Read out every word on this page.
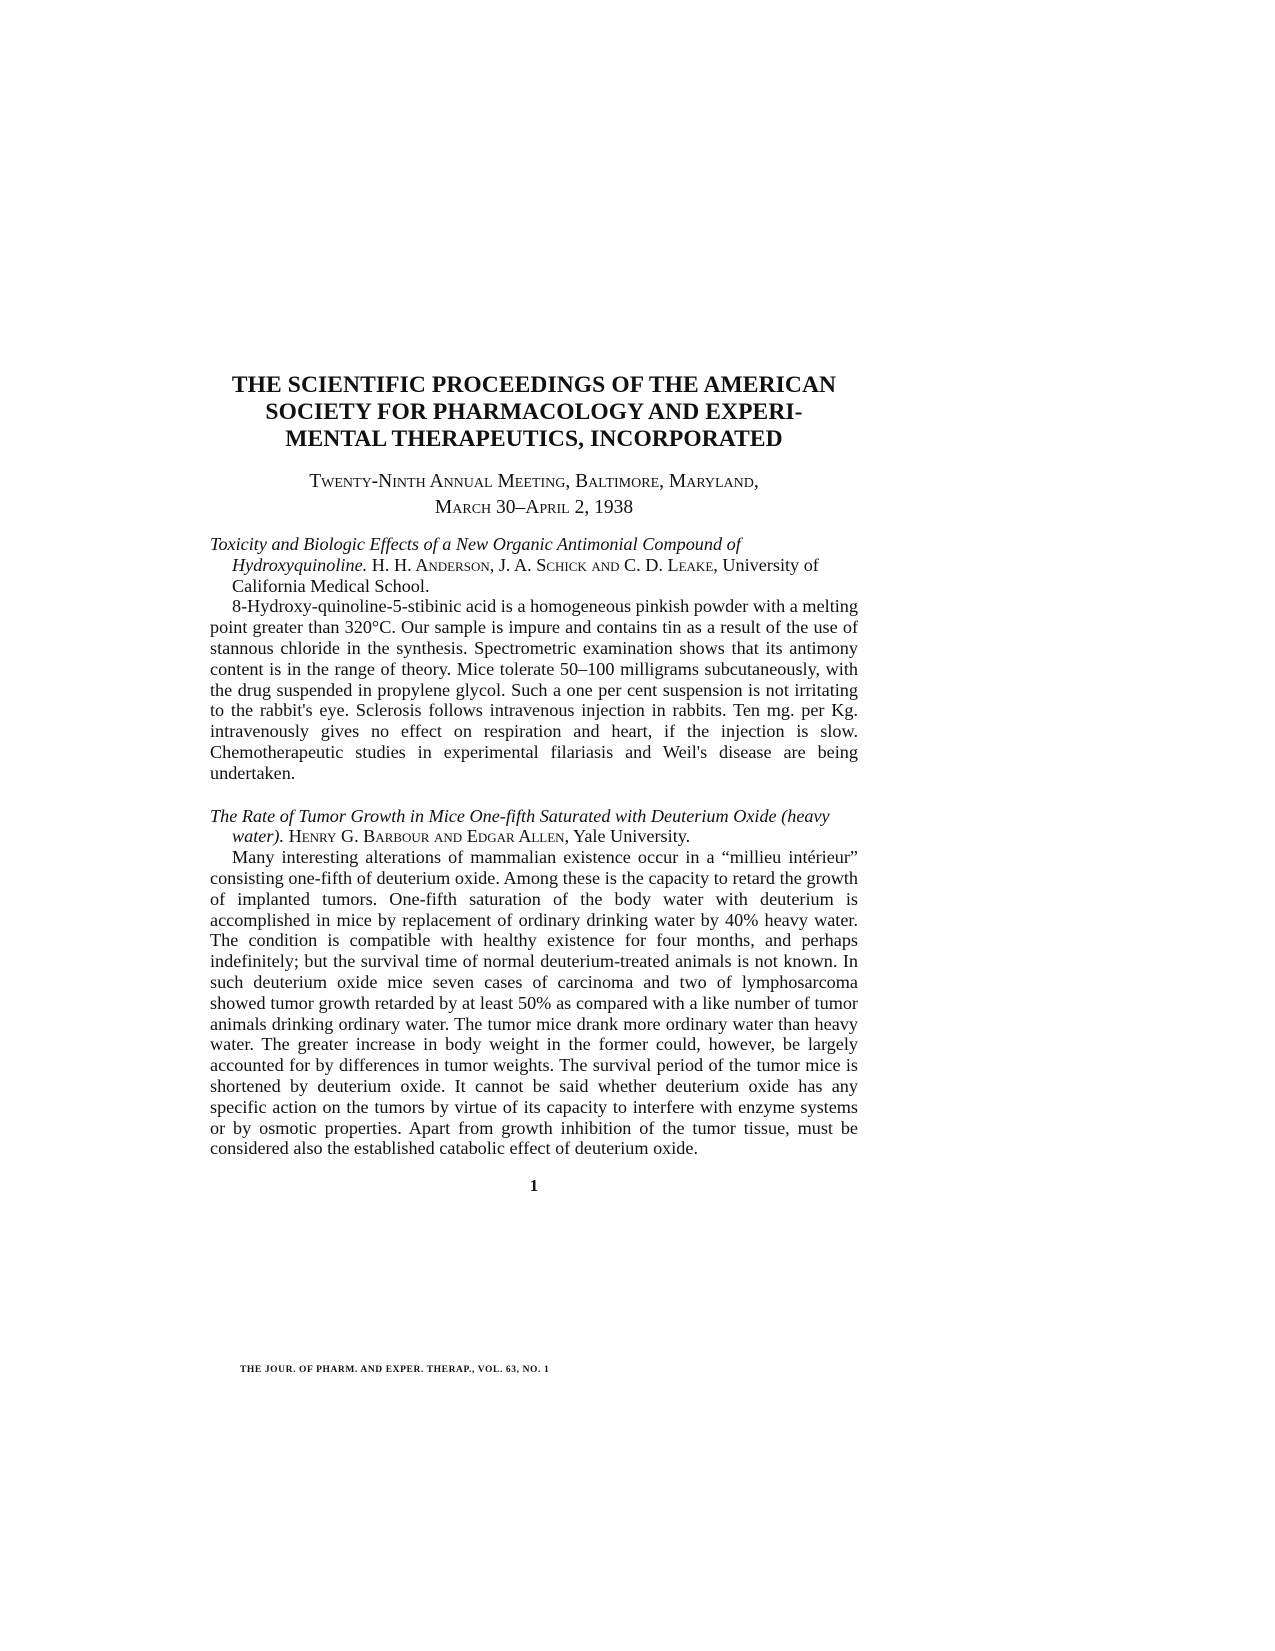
THE SCIENTIFIC PROCEEDINGS OF THE AMERICAN
SOCIETY FOR PHARMACOLOGY AND EXPERI-
MENTAL THERAPEUTICS, INCORPORATED
Twenty-Ninth Annual Meeting, Baltimore, Maryland,
March 30–April 2, 1938

Toxicity and Biologic Effects of a New Organic Antimonial Compound of Hydroxyquinoline. H. H. Anderson, J. A. Schick and C. D. Leake, University of California Medical School.

8-Hydroxy-quinoline-5-stibinic acid is a homogeneous pinkish powder with a melting point greater than 320°C. Our sample is impure and contains tin as a result of the use of stannous chloride in the synthesis. Spectrometric examination shows that its antimony content is in the range of theory. Mice tolerate 50–100 milligrams subcutaneously, with the drug suspended in propylene glycol. Such a one per cent suspension is not irritating to the rabbit's eye. Sclerosis follows intravenous injection in rabbits. Ten mg. per Kg. intravenously gives no effect on respiration and heart, if the injection is slow. Chemotherapeutic studies in experimental filariasis and Weil's disease are being undertaken.

The Rate of Tumor Growth in Mice One-fifth Saturated with Deuterium Oxide (heavy water). Henry G. Barbour and Edgar Allen, Yale University.

Many interesting alterations of mammalian existence occur in a “millieu intérieur” consisting one-fifth of deuterium oxide. Among these is the capacity to retard the growth of implanted tumors. One-fifth saturation of the body water with deuterium is accomplished in mice by replacement of ordinary drinking water by 40% heavy water. The condition is compatible with healthy existence for four months, and perhaps indefinitely; but the survival time of normal deuterium-treated animals is not known. In such deuterium oxide mice seven cases of carcinoma and two of lymphosarcoma showed tumor growth retarded by at least 50% as compared with a like number of tumor animals drinking ordinary water. The tumor mice drank more ordinary water than heavy water. The greater increase in body weight in the former could, however, be largely accounted for by differences in tumor weights. The survival period of the tumor mice is shortened by deuterium oxide. It cannot be said whether deuterium oxide has any specific action on the tumors by virtue of its capacity to interfere with enzyme systems or by osmotic properties. Apart from growth inhibition of the tumor tissue, must be considered also the established catabolic effect of deuterium oxide.

1
THE JOUR. OF PHARM. AND EXPER. THERAP., VOL. 63, NO. 1
